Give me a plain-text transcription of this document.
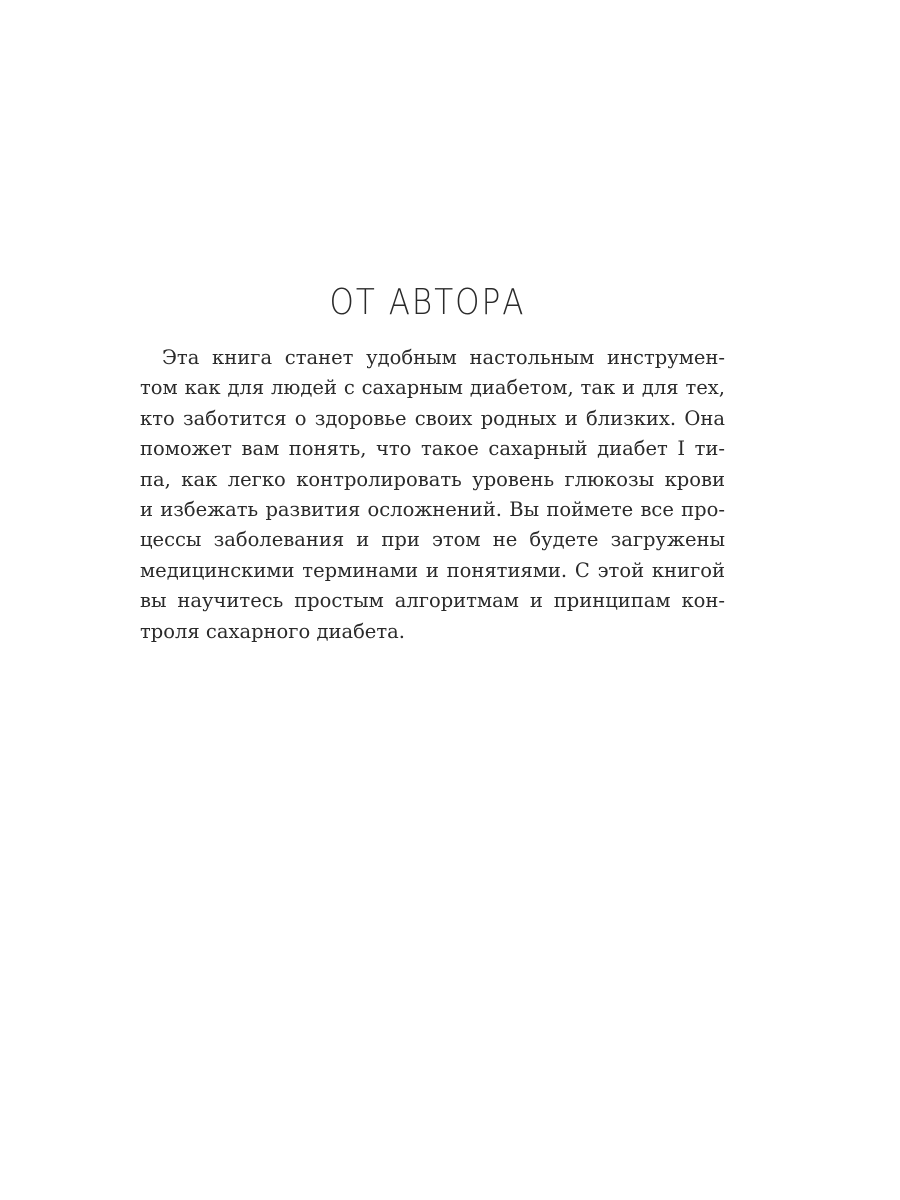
ОТ АВТОРА
Эта книга станет удобным настольным инструмен-
том как для людей с сахарным диабетом, так и для тех,
кто заботится о здоровье своих родных и близких. Она
поможет вам понять, что такое сахарный диабет I ти-
па, как легко контролировать уровень глюкозы крови
и избежать развития осложнений. Вы поймете все про-
цессы заболевания и при этом не будете загружены
медицинскими терминами и понятиями. С этой книгой
вы научитесь простым алгоритмам и принципам кон-
троля сахарного диабета.
